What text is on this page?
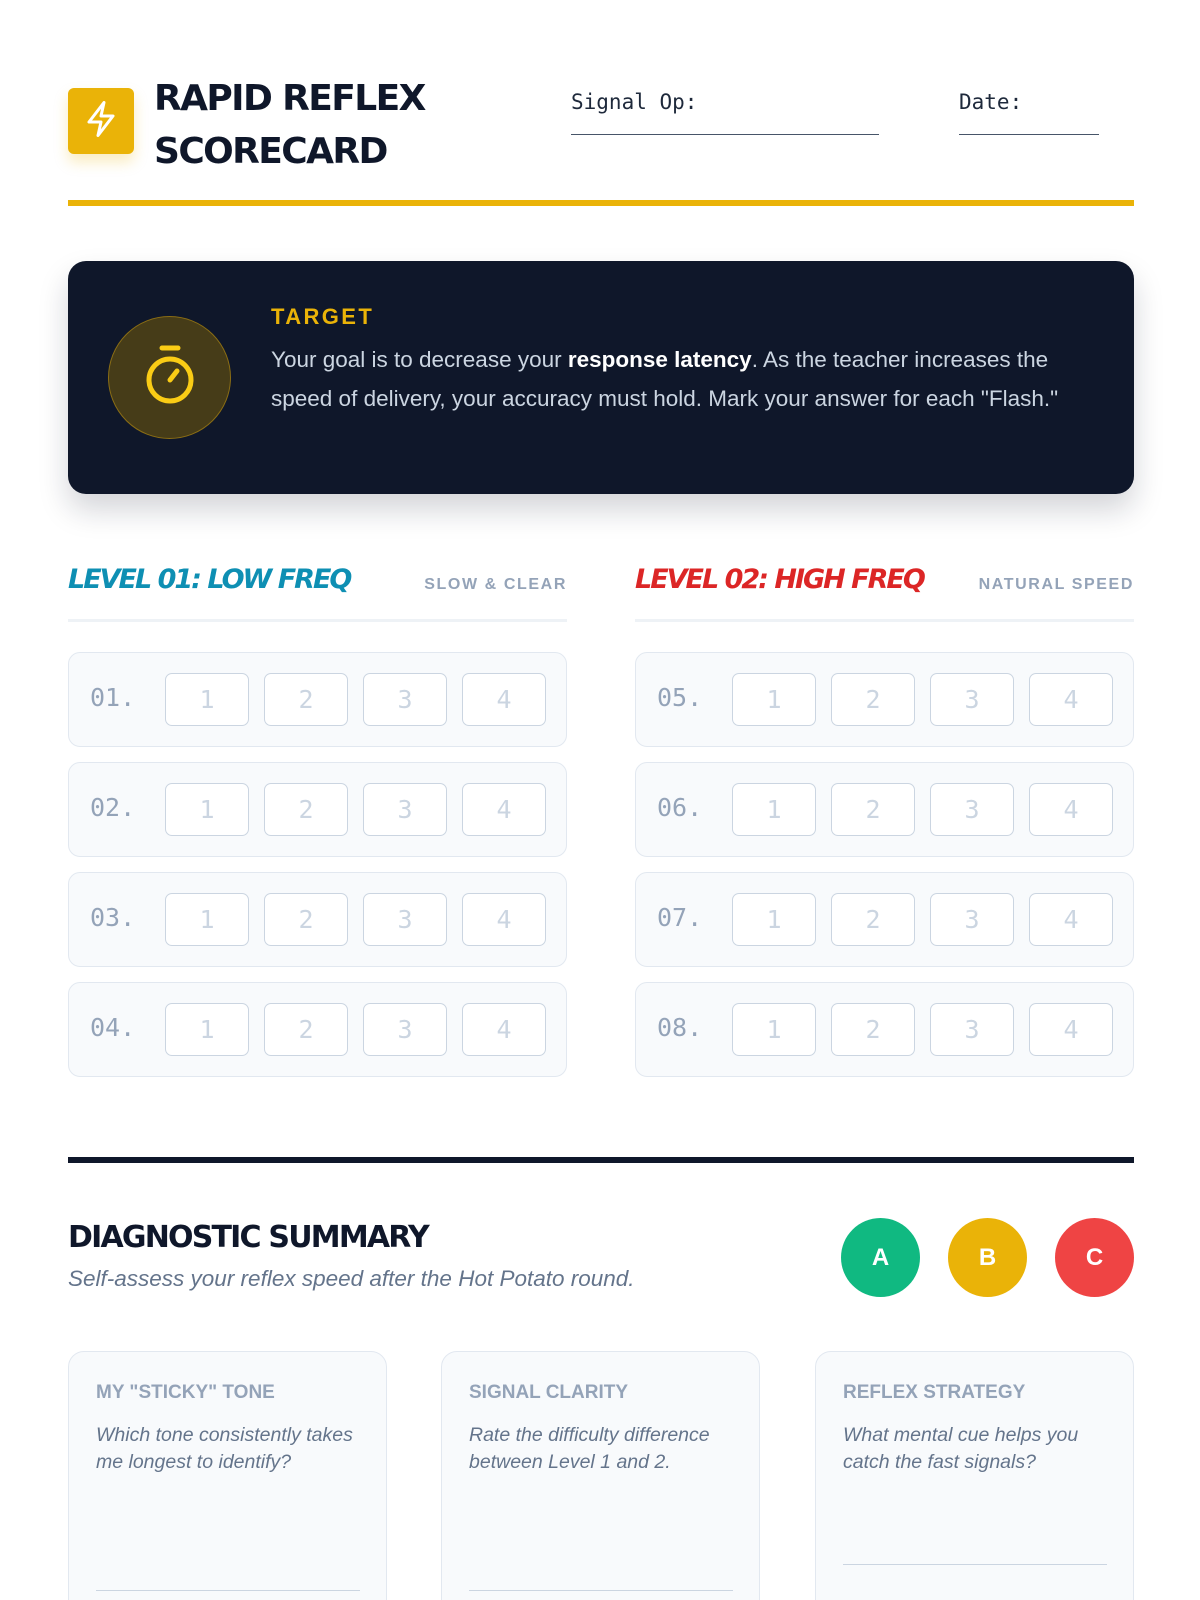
RAPID REFLEX
SCORECARD
Signal Op:	Date:
TARGET
Your goal is to decrease your response latency. As the teacher increases the speed of delivery, your accuracy must hold. Mark your answer for each "Flash."
LEVEL 01: LOW FREQ	SLOW & CLEAR
01.	1	2	3	4
02.	1	2	3	4
03.	1	2	3	4
04.	1	2	3	4
LEVEL 02: HIGH FREQ	NATURAL SPEED
05.	1	2	3	4
06.	1	2	3	4
07.	1	2	3	4
08.	1	2	3	4
DIAGNOSTIC SUMMARY
Self-assess your reflex speed after the Hot Potato round.
A	B	C
MY "STICKY" TONE
Which tone consistently takes me longest to identify?
SIGNAL CLARITY
Rate the difficulty difference between Level 1 and 2.
REFLEX STRATEGY
What mental cue helps you catch the fast signals?
